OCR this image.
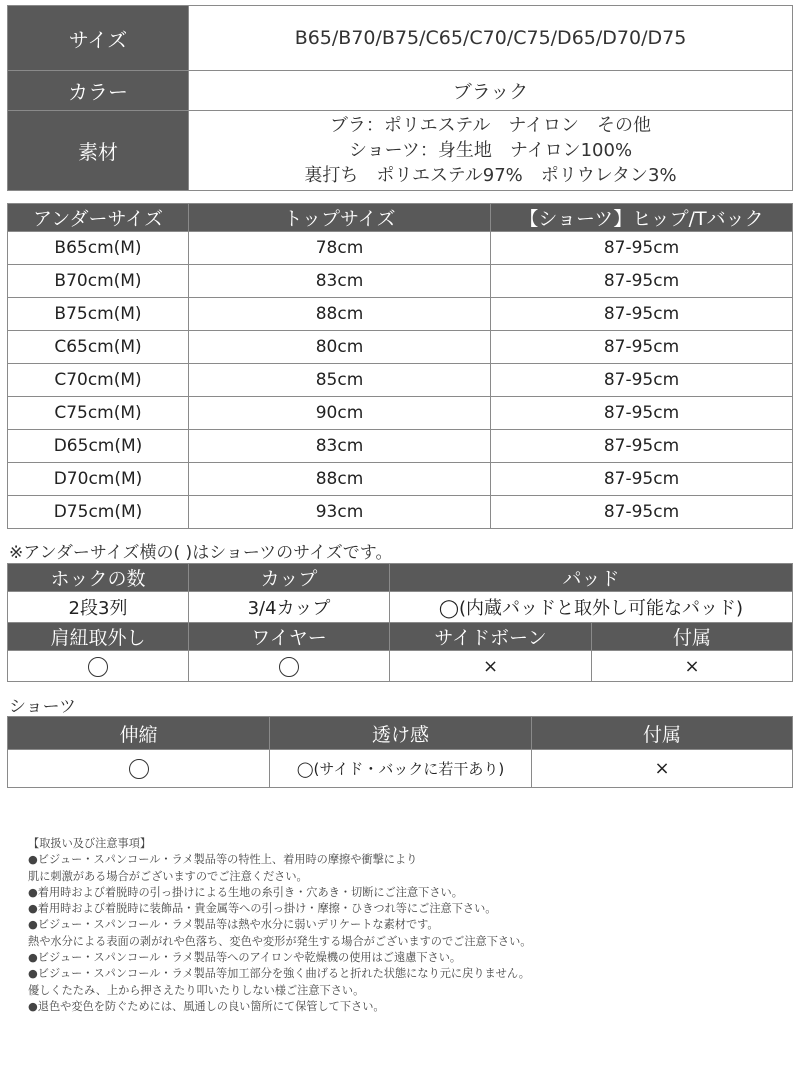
サイズ	B65/B70/B75/C65/C70/C75/D65/D70/D75
カラー	ブラック
素材	ブラ：ポリエステル　ナイロン　その他
ショーツ：身生地　ナイロン100%
裏打ち　ポリエステル97%　ポリウレタン3%
アンダーサイズ	トップサイズ	【ショーツ】ヒップ/Tバック
B65cm(M)	78cm	87-95cm
B70cm(M)	83cm	87-95cm
B75cm(M)	88cm	87-95cm
C65cm(M)	80cm	87-95cm
C70cm(M)	85cm	87-95cm
C75cm(M)	90cm	87-95cm
D65cm(M)	83cm	87-95cm
D70cm(M)	88cm	87-95cm
D75cm(M)	93cm	87-95cm
※アンダーサイズ横の( )はショーツのサイズです。
ホックの数	カップ	パッド	
2段3列	3/4カップ	◯(内蔵パッドと取外し可能なパッド)	
肩紐取外し	ワイヤー	サイドボーン	付属
		×	×
ショーツ
伸縮	透け感	付属
	◯(サイド・バックに若干あり)	×
【取扱い及び注意事項】
●ビジュー・スパンコール・ラメ製品等の特性上、着用時の摩擦や衝撃により
肌に刺激がある場合がございますのでご注意ください。
●着用時および着脱時の引っ掛けによる生地の糸引き・穴あき・切断にご注意下さい。
●着用時および着脱時に装飾品・貴金属等への引っ掛け・摩擦・ひきつれ等にご注意下さい。
●ビジュー・スパンコール・ラメ製品等は熱や水分に弱いデリケートな素材です。
熱や水分による表面の剥がれや色落ち、変色や変形が発生する場合がございますのでご注意下さい。
●ビジュー・スパンコール・ラメ製品等へのアイロンや乾燥機の使用はご遠慮下さい。
●ビジュー・スパンコール・ラメ製品等加工部分を強く曲げると折れた状態になり元に戻りません。
優しくたたみ、上から押さえたり叩いたりしない様ご注意下さい。
●退色や変色を防ぐためには、風通しの良い箇所にて保管して下さい。
